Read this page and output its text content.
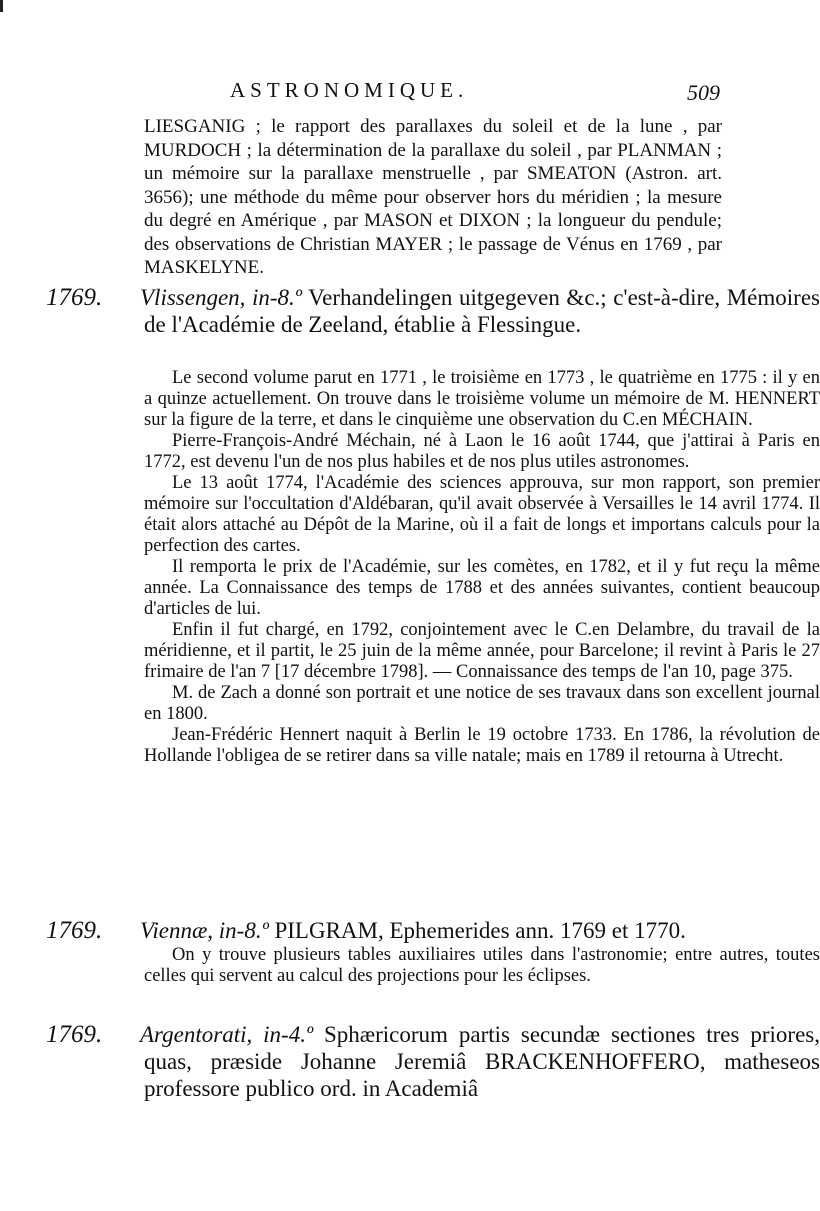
ASTRONOMIQUE.	509
LIESGANIG ; le rapport des parallaxes du soleil et de la lune , par MURDOCH ; la détermination de la parallaxe du soleil , par PLANMAN ; un mémoire sur la parallaxe menstruelle , par SMEATON (Astron. art. 3656); une méthode du même pour observer hors du méridien ; la mesure du degré en Amérique , par MASON et DIXON ; la longueur du pendule; des observations de Christian MAYER ; le passage de Vénus en 1769 , par MASKELYNE.
1769. Vlissengen, in-8.º Verhandelingen uitgegeven &c.; c'est-à-dire, Mémoires de l'Académie de Zeeland, établie à Flessingue.

Le second volume parut en 1771 , le troisième en 1773 , le quatrième en 1775 : il y en a quinze actuellement. On trouve dans le troisième volume un mémoire de M. HENNERT sur la figure de la terre, et dans le cinquième une observation du C.en MÉCHAIN.

Pierre-François-André Méchain, né à Laon le 16 août 1744, que j'attirai à Paris en 1772, est devenu l'un de nos plus habiles et de nos plus utiles astronomes.

Le 13 août 1774, l'Académie des sciences approuva, sur mon rapport, son premier mémoire sur l'occultation d'Aldébaran, qu'il avait observée à Versailles le 14 avril 1774. Il était alors attaché au Dépôt de la Marine, où il a fait de longs et importans calculs pour la perfection des cartes.

Il remporta le prix de l'Académie, sur les comètes, en 1782, et il y fut reçu la même année. La Connaissance des temps de 1788 et des années suivantes, contient beaucoup d'articles de lui.

Enfin il fut chargé, en 1792, conjointement avec le C.en Delambre, du travail de la méridienne, et il partit, le 25 juin de la même année, pour Barcelone; il revint à Paris le 27 frimaire de l'an 7 [17 décembre 1798]. — Connaissance des temps de l'an 10, page 375.

M. de Zach a donné son portrait et une notice de ses travaux dans son excellent journal en 1800.

Jean-Frédéric Hennert naquit à Berlin le 19 octobre 1733. En 1786, la révolution de Hollande l'obligea de se retirer dans sa ville natale; mais en 1789 il retourna à Utrecht.

1769. Viennæ, in-8.º PILGRAM, Ephemerides ann. 1769 et 1770.

On y trouve plusieurs tables auxiliaires utiles dans l'astronomie; entre autres, toutes celles qui servent au calcul des projections pour les éclipses.

1769. Argentorati, in-4.º Sphæricorum partis secundæ sectiones tres priores, quas, præside Johanne Jeremiâ BRACKENHOFFERO, matheseos professore publico ord. in Academiâ
